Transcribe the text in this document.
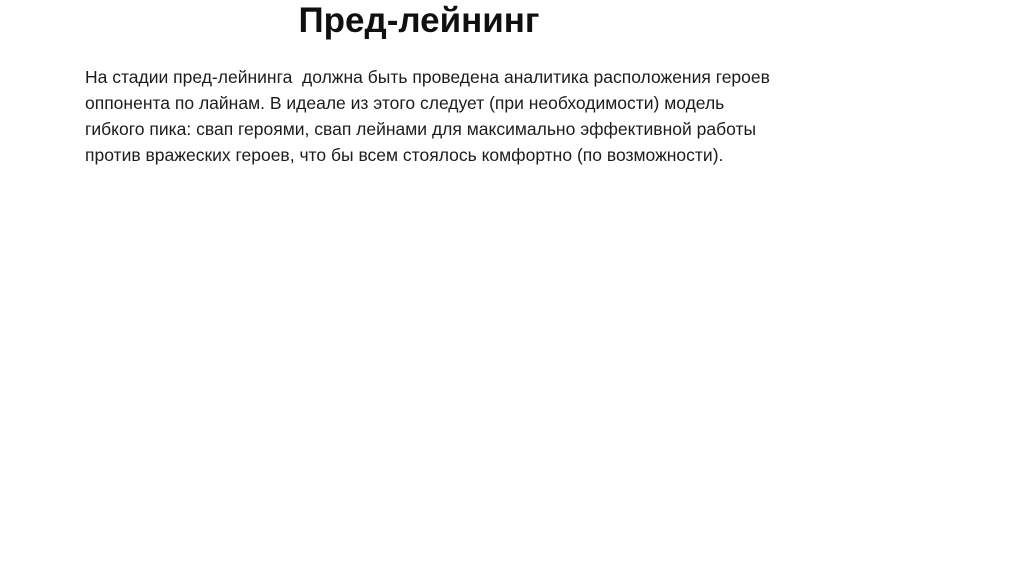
Пред-лейнинг
На стадии пред-лейнинга  должна быть проведена аналитика расположения героев
оппонента по лайнам. В идеале из этого следует (при необходимости) модель
гибкого пика: свап героями, свап лейнами для максимально эффективной работы
против вражеских героев, что бы всем стоялось комфортно (по возможности).
